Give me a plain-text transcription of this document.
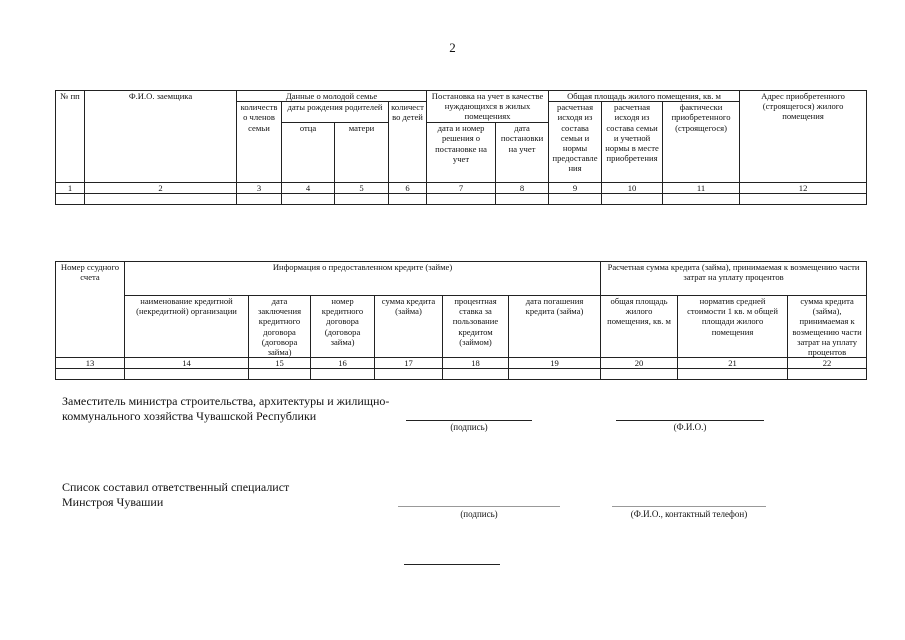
2
№ пп	Ф.И.О. заемщика	Данные о молодой семье				Постановка на учет в качестве нуждающихся в жилых помещениях		Общая площадь жилого помещения, кв. м			Адрес приобретенного (строящегося) жилого помещения
		количество членов семьи	даты рождения родителей		количество детей			расчетная исходя из состава семьи и нормы предоставления	расчетная исходя из состава семьи и учетной нормы в месте приобретения	фактически приобретенного (строящегося)	
			отца	матери		дата и номер решения о постановке на учет	дата постановки на учет				
1	2	3	4	5	6	7	8	9	10	11	12

Номер ссудного счета	Информация о предоставленном кредите (займе)						Расчетная сумма кредита (займа), принимаемая к возмещению части затрат на уплату процентов		
	наименование кредитной (некредитной) организации	дата заключения кредитного договора (договора займа)	номер кредитного договора (договора займа)	сумма кредита (займа)	процентная ставка за пользование кредитом (займом)	дата погашения кредита (займа)	общая площадь жилого помещения, кв. м	норматив средней стоимости 1 кв. м общей площади жилого помещения	сумма кредита (займа), принимаемая к возмещению части затрат на уплату процентов
13	14	15	16	17	18	19	20	21	22

Заместитель министра строительства, архитектуры и жилищно-коммунального хозяйства Чувашской Республики
(подпись)	(Ф.И.О.)
Список составил ответственный специалист Минстроя Чувашии
(подпись)	(Ф.И.О., контактный телефон)
